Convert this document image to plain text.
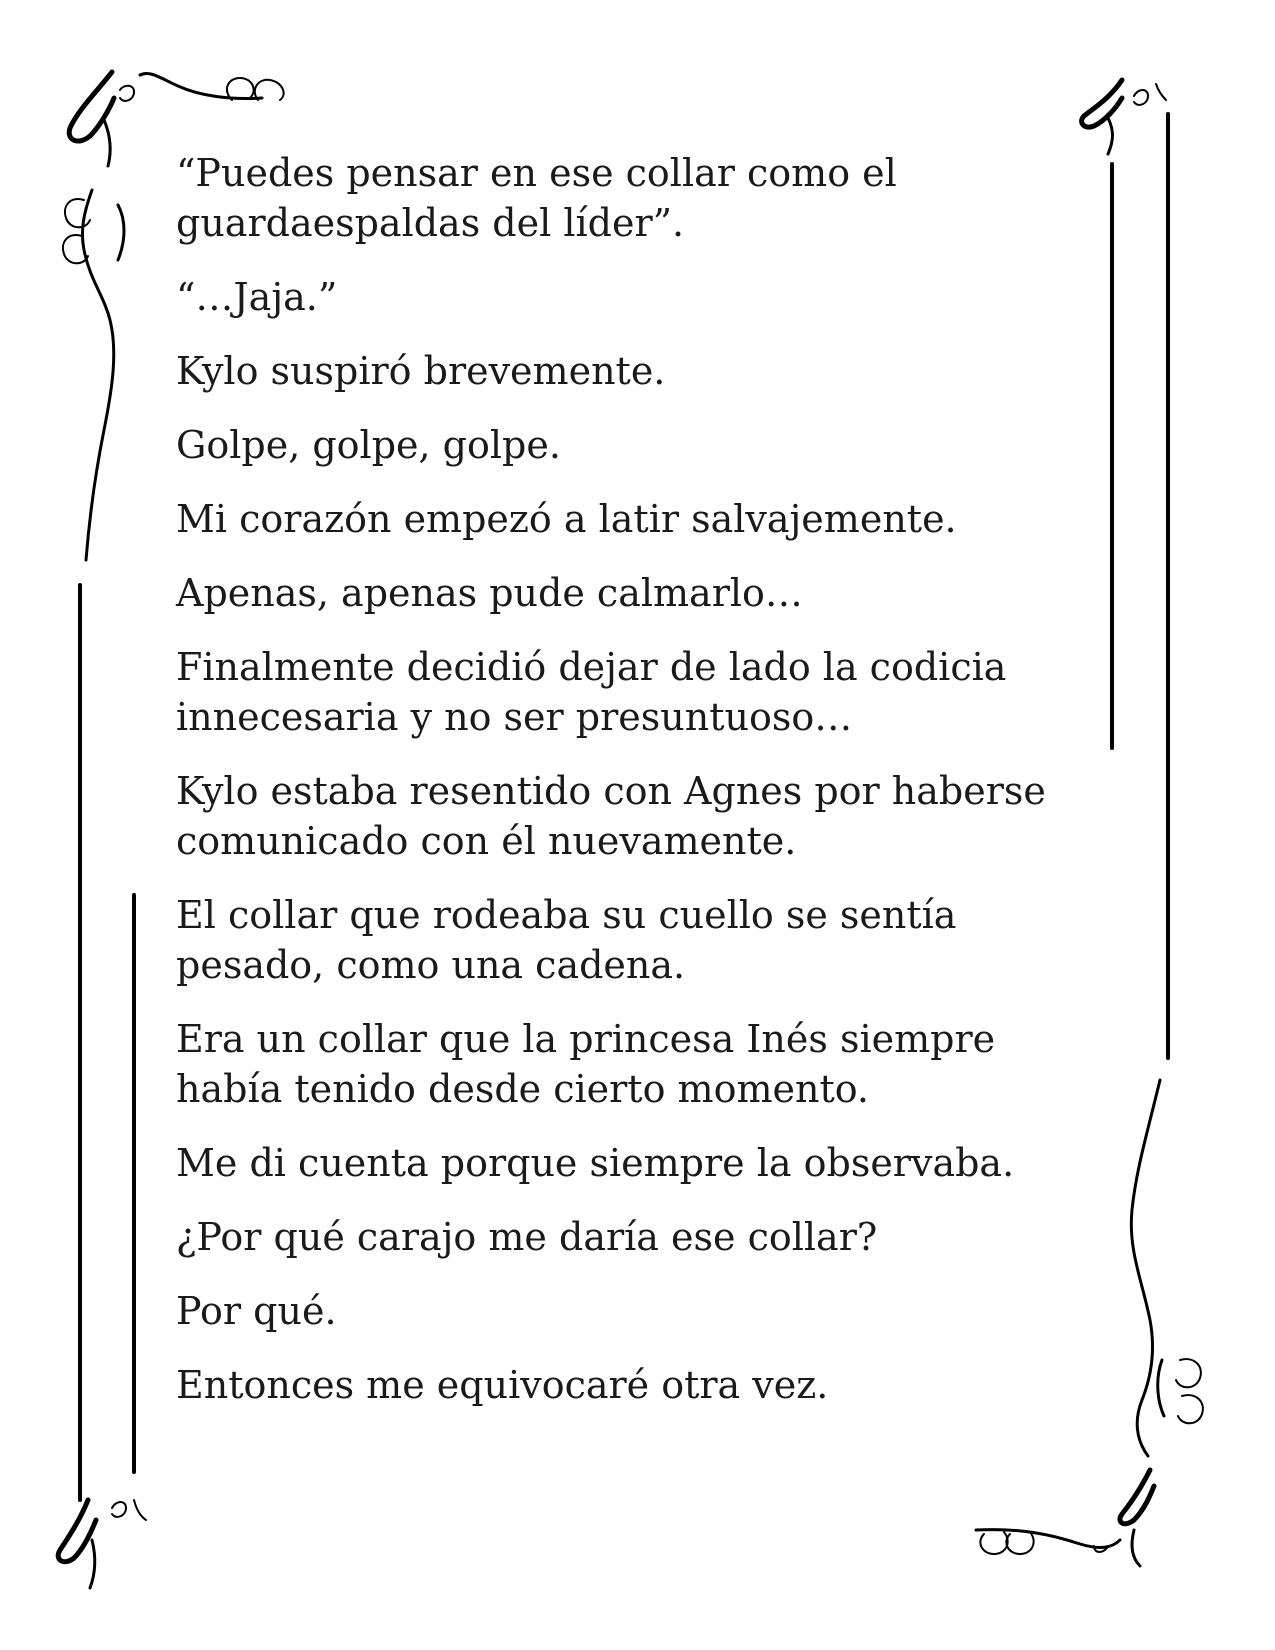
“Puedes pensar en ese collar como el
guardaespaldas del líder”.

“…Jaja.”

Kylo suspiró brevemente.

Golpe, golpe, golpe.

Mi corazón empezó a latir salvajemente.

Apenas, apenas pude calmarlo…

Finalmente decidió dejar de lado la codicia
innecesaria y no ser presuntuoso…

Kylo estaba resentido con Agnes por haberse
comunicado con él nuevamente.

El collar que rodeaba su cuello se sentía
pesado, como una cadena.

Era un collar que la princesa Inés siempre
había tenido desde cierto momento.

Me di cuenta porque siempre la observaba.

¿Por qué carajo me daría ese collar?

Por qué.

Entonces me equivocaré otra vez.
